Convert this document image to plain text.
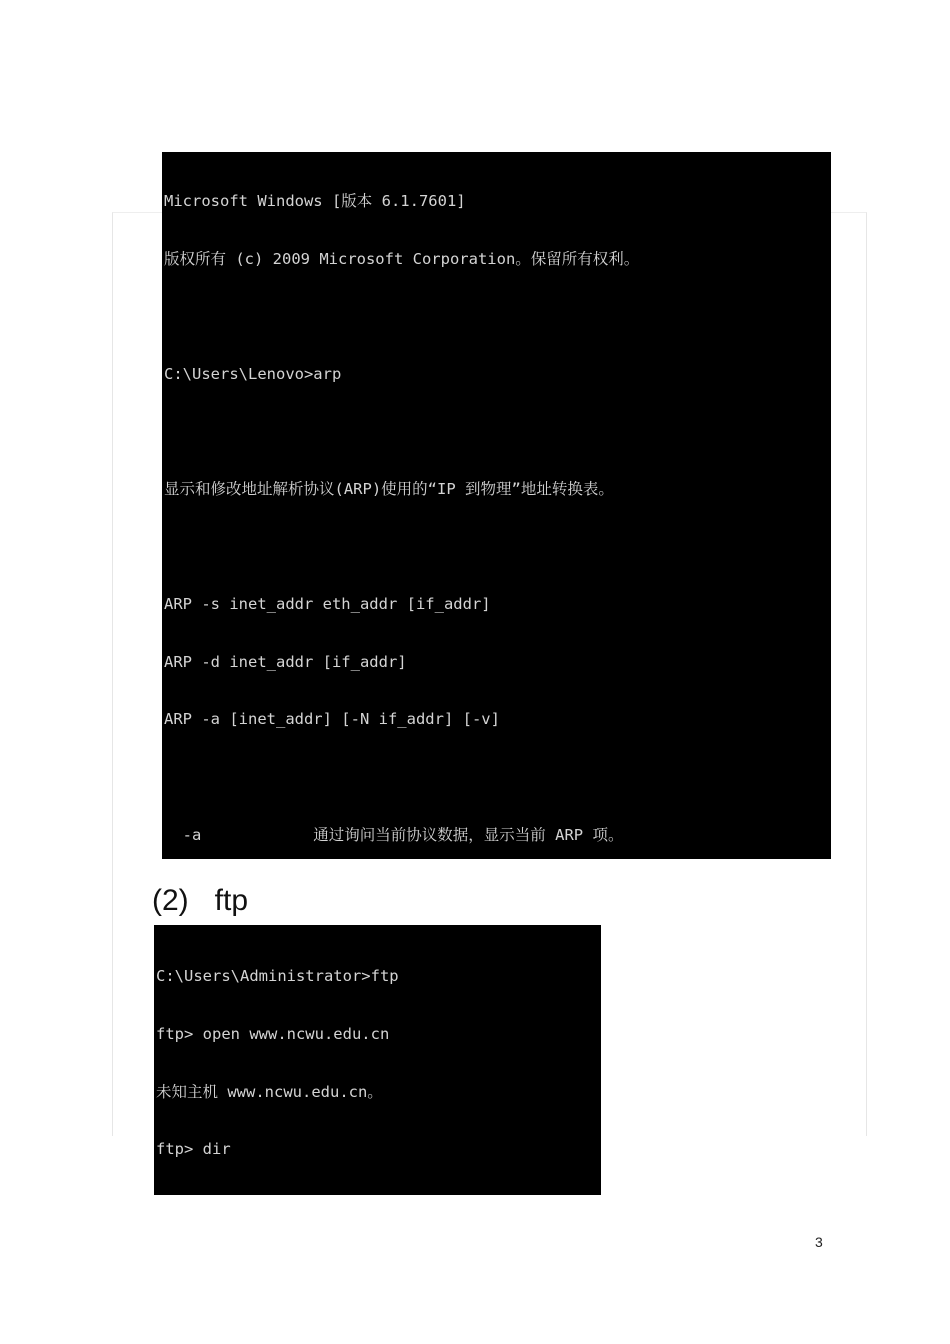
Microsoft Windows [版本 6.1.7601]

版权所有 (c) 2009 Microsoft Corporation。保留所有权利。

C:\Users\Lenovo>arp

显示和修改地址解析协议(ARP)使用的“IP 到物理”地址转换表。

ARP -s inet_addr eth_addr [if_addr]

ARP -d inet_addr [if_addr]

ARP -a [inet_addr] [-N if_addr] [-v]

-a            通过询问当前协议数据，显示当前 ARP 项。

(2) ftp

C:\Users\Administrator>ftp

ftp> open www.ncwu.edu.cn

未知主机 www.ncwu.edu.cn。

ftp> dir

3
